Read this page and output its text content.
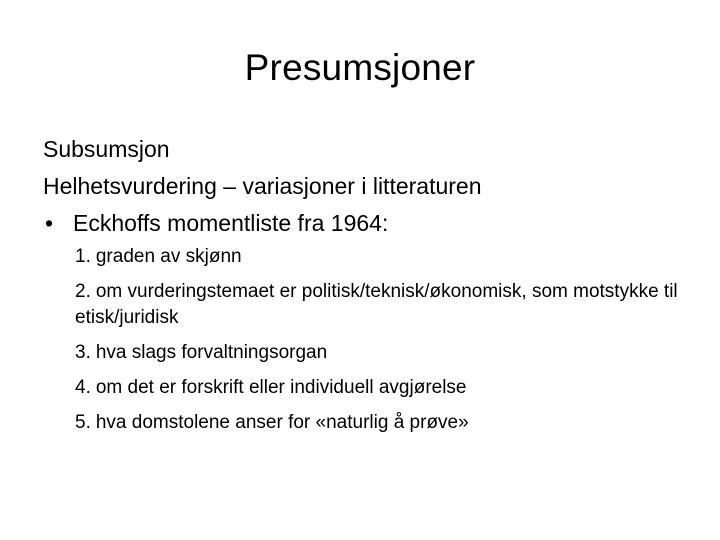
Presumsjoner
Subsumsjon
Helhetsvurdering – variasjoner i litteraturen
• Eckhoffs momentliste fra 1964:
1. graden av skjønn
2. om vurderingstemaet er politisk/teknisk/økonomisk, som motstykke til etisk/juridisk
3. hva slags forvaltningsorgan
4. om det er forskrift eller individuell avgjørelse
5. hva domstolene anser for «naturlig å prøve»
